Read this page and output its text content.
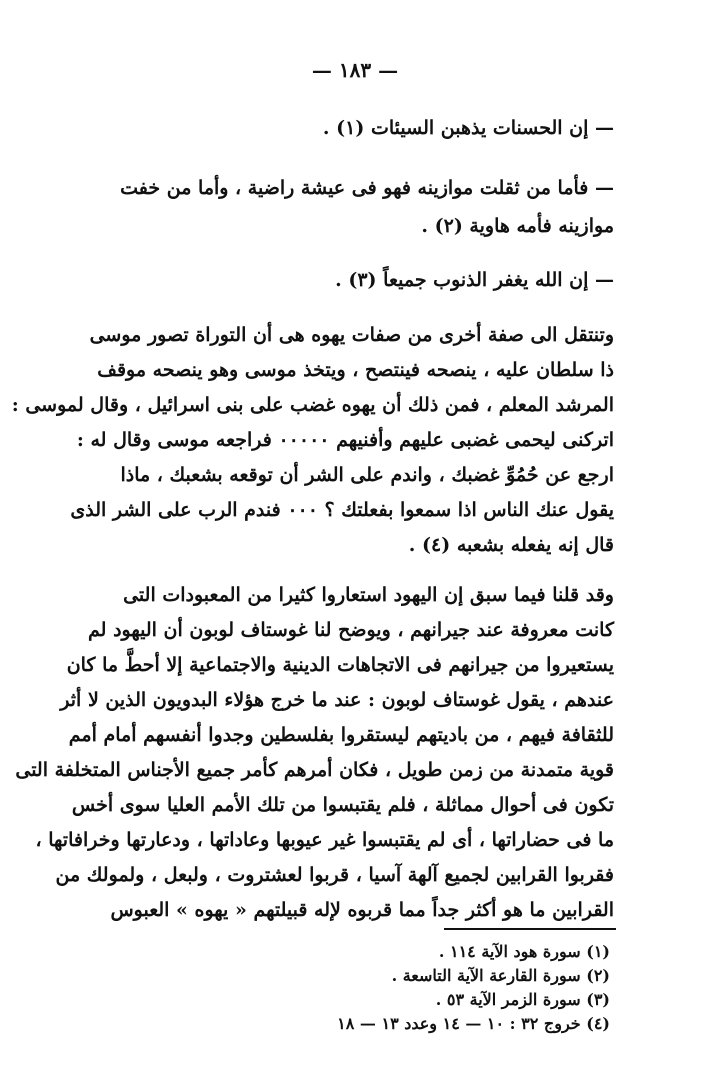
— ١٨٣ —
— إن الحسنات يذهبن السيئات (١) .
— فأما من ثقلت موازينه فهو فى عيشة راضية ، وأما من خفت
موازينه فأمه هاوية (٢) .
— إن الله يغفر الذنوب جميعاً (٣) .
وتنتقل الى صفة أخرى من صفات يهوه هى أن التوراة تصور موسى
ذا سلطان عليه ، ينصحه فينتصح ، ويتخذ موسى وهو ينصحه موقف
المرشد المعلم ، فمن ذلك أن يهوه غضب على بنى اسرائيل ، وقال لموسى :
اتركنى ليحمى غضبى عليهم وأفنيهم ٠٠٠٠٠ فراجعه موسى وقال له :
ارجع عن حُمُوِّ غضبك ، واندم على الشر أن توقعه بشعبك ، ماذا
يقول عنك الناس اذا سمعوا بفعلتك ؟ ٠٠٠ فندم الرب على الشر الذى
قال إنه يفعله بشعبه (٤) .
وقد قلنا فيما سبق إن اليهود استعاروا كثيرا من المعبودات التى
كانت معروفة عند جيرانهم ، ويوضح لنا غوستاف لوبون أن اليهود لم
يستعيروا من جيرانهم فى الاتجاهات الدينية والاجتماعية إلا أحطَّ ما كان
عندهم ، يقول غوستاف لوبون : عند ما خرج هؤلاء البدويون الذين لا أثر
للثقافة فيهم ، من باديتهم ليستقروا بفلسطين وجدوا أنفسهم أمام أمم
قوية متمدنة من زمن طويل ، فكان أمرهم كأمر جميع الأجناس المتخلفة التى
تكون فى أحوال مماثلة ، فلم يقتبسوا من تلك الأمم العليا سوى أخس
ما فى حضاراتها ، أى لم يقتبسوا غير عيوبها وعاداتها ، ودعارتها وخرافاتها ،
فقربوا القرابين لجميع آلهة آسيا ، قربوا لعشتروت ، ولبعل ، ولمولك من
القرابين ما هو أكثر جداً مما قربوه لإله قبيلتهم « يهوه » العبوس
(١) سورة هود الآية ١١٤ .
(٢) سورة القارعة الآية التاسعة .
(٣) سورة الزمر الآية ٥٣ .
(٤) خروج ٣٢ : ١٠ — ١٤ وعدد ١٣ — ١٨
